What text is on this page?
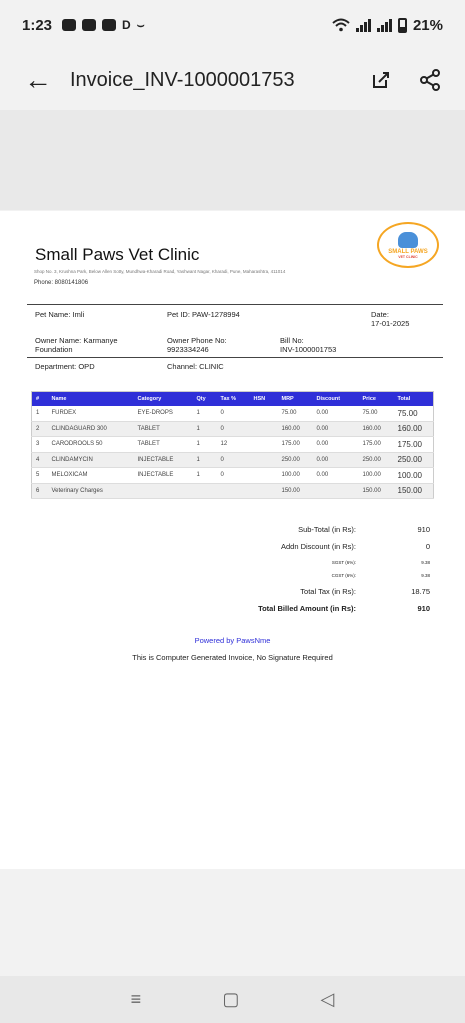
1:23	D ⌣	21%
← Invoice_INV-1000001753
Small Paws Vet Clinic
Shop No. 3, Krushna Park, Below Allen Sotty, Mundhwa-Kharadi Road, Yashwant Nagar, Kharadi, Pune, Maharashtra, 411014
Phone: 8080141806
SMALL PAWS
VET CLINIC
Pet Name: Imli	Pet ID: PAW-1278994	Date:
17-01-2025
Owner Name: Karmanye
Foundation
Owner Phone No:
9923334246
Bill No:
INV-1000001753
Department: OPD	Channel: CLINIC
#	Name	Category	Qty	Tax %	HSN	MRP	Discount	Price	Total
1	FURDEX	EYE-DROPS	1	0		75.00	0.00	75.00	75.00
2	CLINDAGUARD 300	TABLET	1	0		160.00	0.00	160.00	160.00
3	CARODROOLS 50	TABLET	1	12		175.00	0.00	175.00	175.00
4	CLINDAMYCIN	INJECTABLE	1	0		250.00	0.00	250.00	250.00
5	MELOXICAM	INJECTABLE	1	0		100.00	0.00	100.00	100.00
6	Veterinary Charges					150.00		150.00	150.00
Sub-Total (in Rs):	910
Addn Discount (in Rs):	0
SGST (6%):	9.38
CGST (6%):	9.38
Total Tax (in Rs):	18.75
Total Billed Amount (in Rs):	910
Powered by PawsNme
This is Computer Generated Invoice, No Signature Required
≡	▢	◁
